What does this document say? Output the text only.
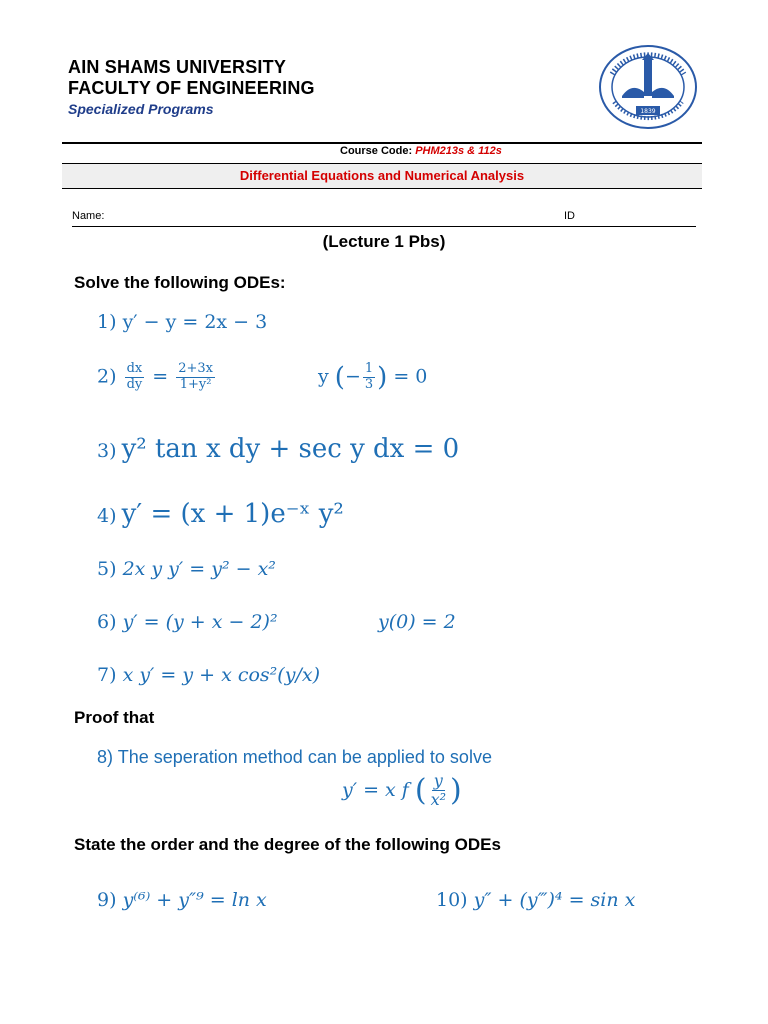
AIN SHAMS UNIVERSITY
FACULTY OF ENGINEERING
Specialized Programs	1839
Course Code: PHM213s & 112s
Differential Equations and Numerical Analysis
Name:	ID
(Lecture 1 Pbs)
Solve the following ODEs:
1) y′ − y = 2x − 3
$2) \frac{dx}{dy} = \frac{2+3x}{\text{1+y²}}$	y (− $\frac{1}{3}$ ) = 0
3) y² tan x dy + sec y dx = 0
4) y′ = (x + 1)e⁻ˣ y²
5) 2x y y′ = y² − x²
6) y′ = (y + x − 2)²	y(0) = 2
7) x y′ = y + x cos²(y/x)
Proof that
8) The seperation method can be applied to solve
y′ = x f ( $\frac{y}{\text{x²}}$ )
State the order and the degree of the following ODEs
9) y⁽⁶⁾ + y″⁹ = ln x	10) y″ + (y‴)⁴ = sin x
